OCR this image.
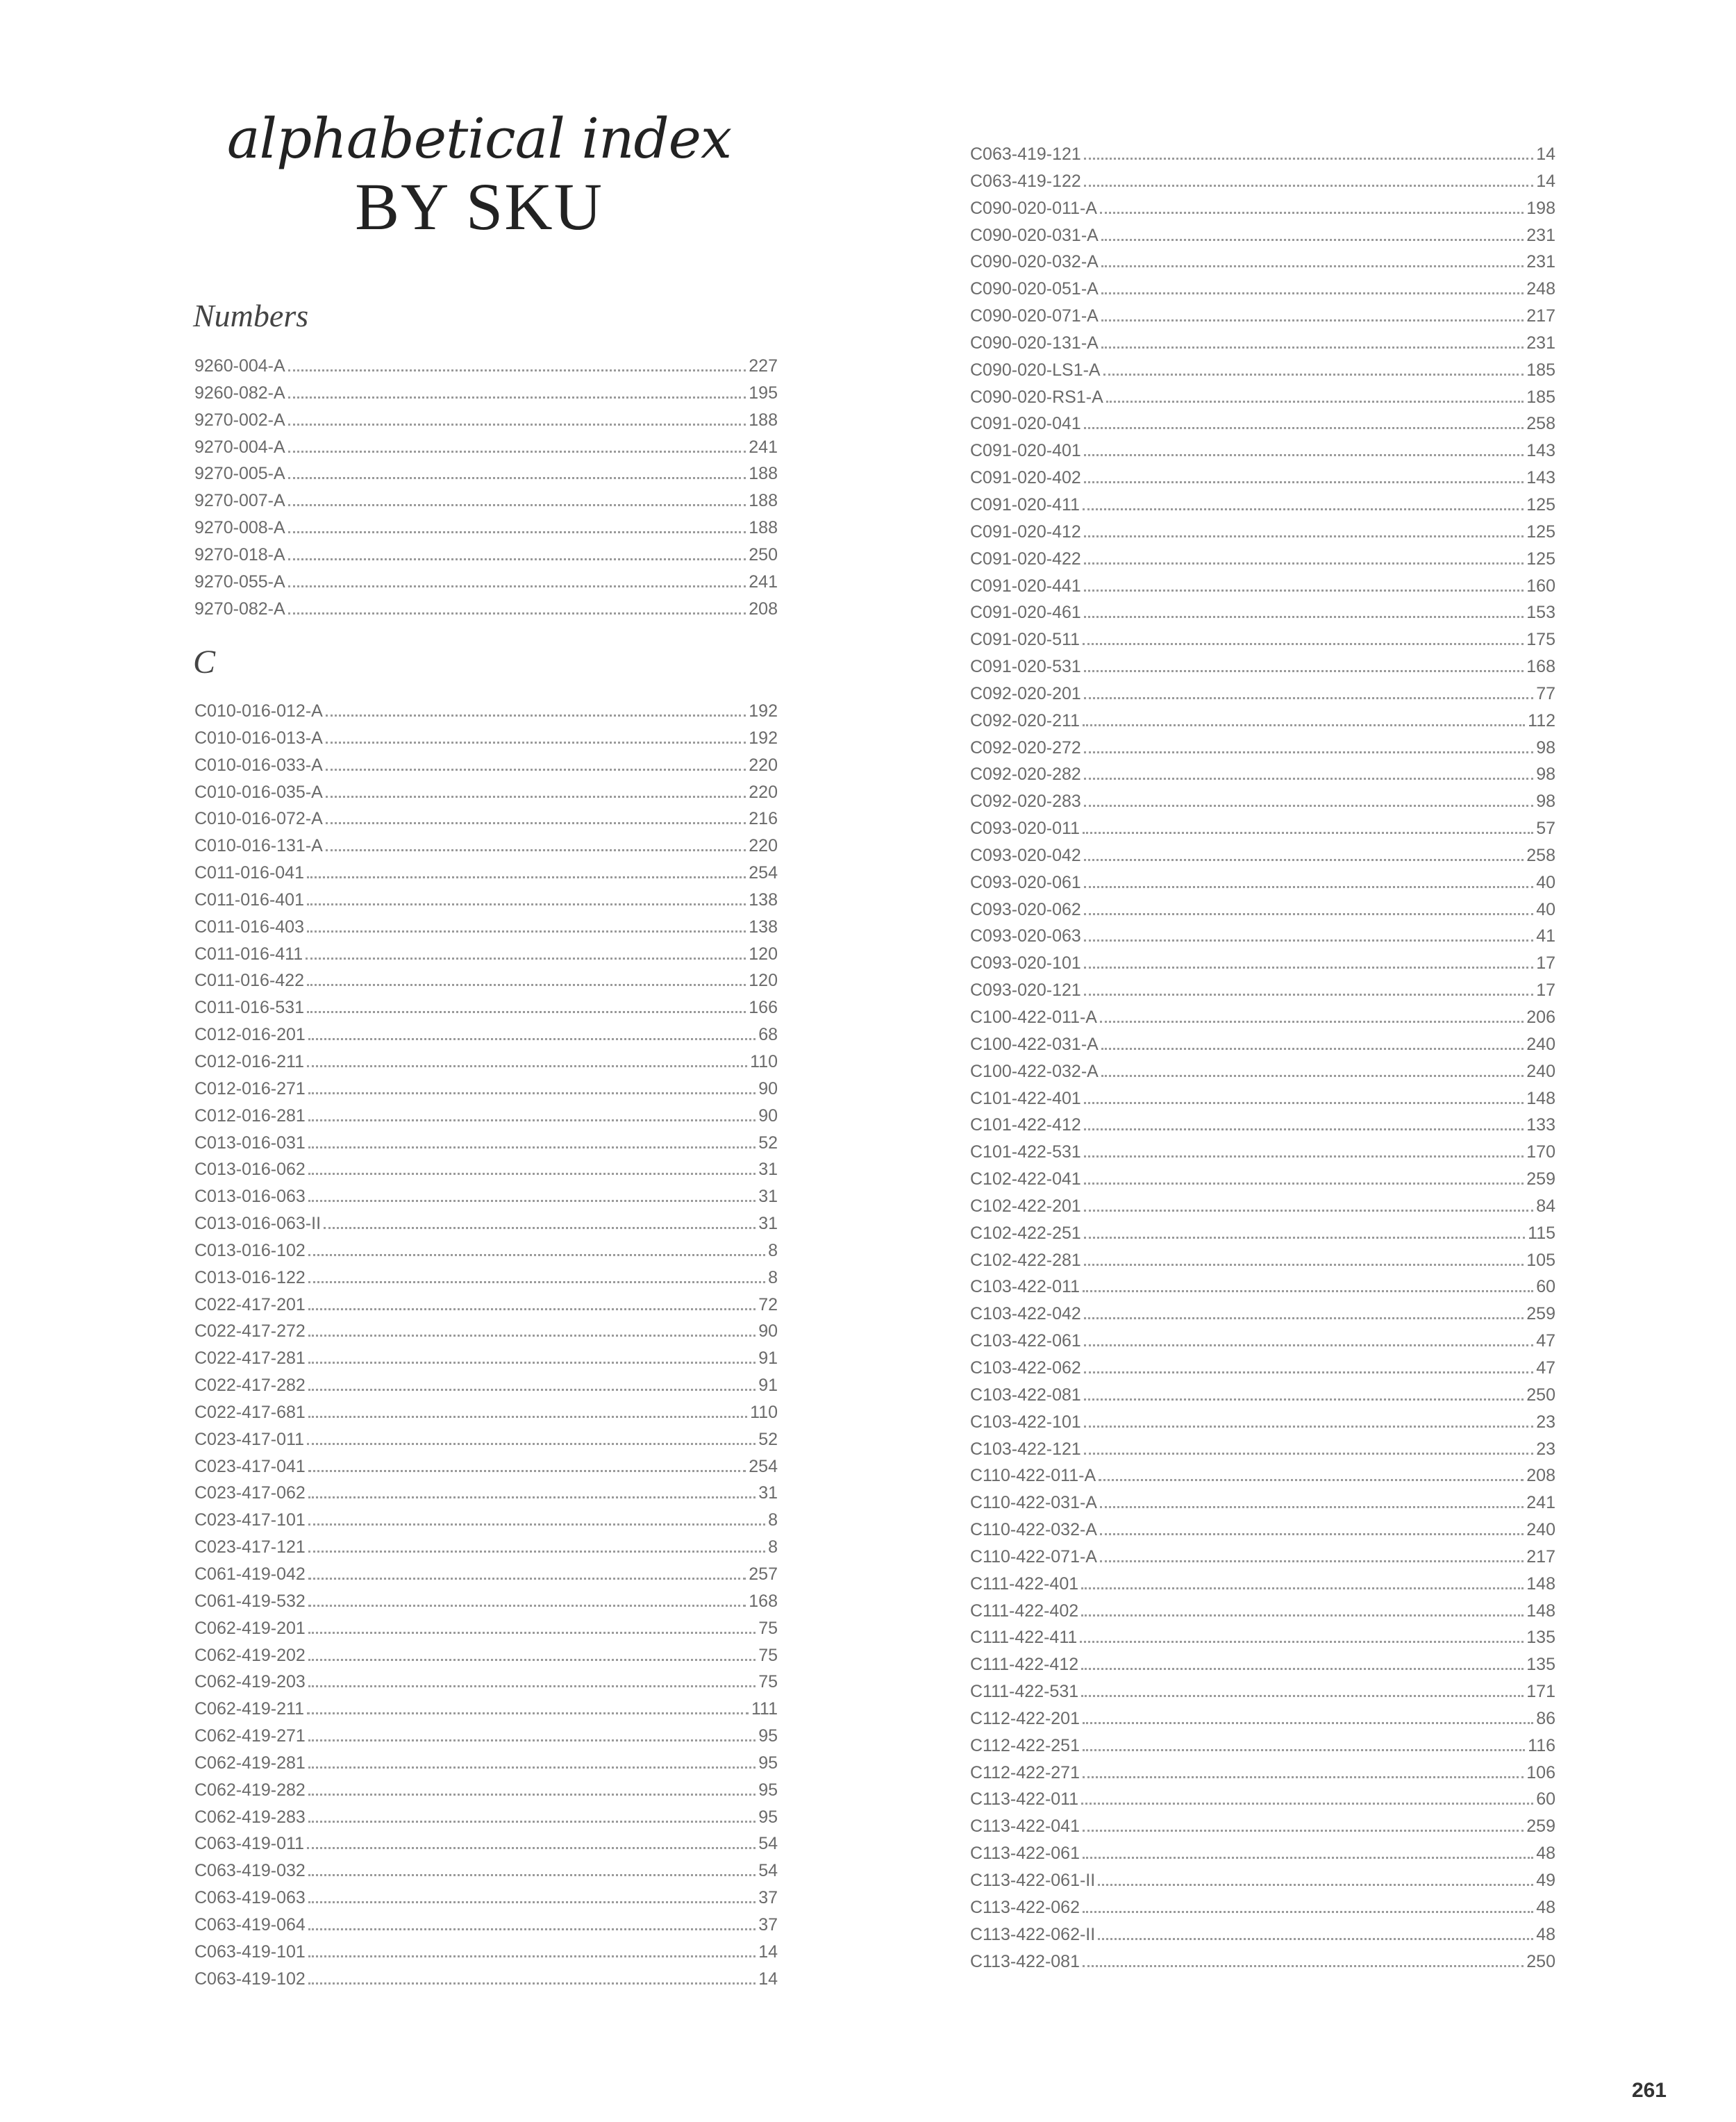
alphabetical index
BY SKU
Numbers
9260-004-A	227
9260-082-A	195
9270-002-A	188
9270-004-A	241
9270-005-A	188
9270-007-A	188
9270-008-A	188
9270-018-A	250
9270-055-A	241
9270-082-A	208
C
C010-016-012-A	192
C010-016-013-A	192
C010-016-033-A	220
C010-016-035-A	220
C010-016-072-A	216
C010-016-131-A	220
C011-016-041	254
C011-016-401	138
C011-016-403	138
C011-016-411	120
C011-016-422	120
C011-016-531	166
C012-016-201	68
C012-016-211	110
C012-016-271	90
C012-016-281	90
C013-016-031	52
C013-016-062	31
C013-016-063	31
C013-016-063-II	31
C013-016-102	8
C013-016-122	8
C022-417-201	72
C022-417-272	90
C022-417-281	91
C022-417-282	91
C022-417-681	110
C023-417-011	52
C023-417-041	254
C023-417-062	31
C023-417-101	8
C023-417-121	8
C061-419-042	257
C061-419-532	168
C062-419-201	75
C062-419-202	75
C062-419-203	75
C062-419-211	111
C062-419-271	95
C062-419-281	95
C062-419-282	95
C062-419-283	95
C063-419-011	54
C063-419-032	54
C063-419-063	37
C063-419-064	37
C063-419-101	14
C063-419-102	14
C063-419-121	14
C063-419-122	14
C090-020-011-A	198
C090-020-031-A	231
C090-020-032-A	231
C090-020-051-A	248
C090-020-071-A	217
C090-020-131-A	231
C090-020-LS1-A	185
C090-020-RS1-A	185
C091-020-041	258
C091-020-401	143
C091-020-402	143
C091-020-411	125
C091-020-412	125
C091-020-422	125
C091-020-441	160
C091-020-461	153
C091-020-511	175
C091-020-531	168
C092-020-201	77
C092-020-211	112
C092-020-272	98
C092-020-282	98
C092-020-283	98
C093-020-011	57
C093-020-042	258
C093-020-061	40
C093-020-062	40
C093-020-063	41
C093-020-101	17
C093-020-121	17
C100-422-011-A	206
C100-422-031-A	240
C100-422-032-A	240
C101-422-401	148
C101-422-412	133
C101-422-531	170
C102-422-041	259
C102-422-201	84
C102-422-251	115
C102-422-281	105
C103-422-011	60
C103-422-042	259
C103-422-061	47
C103-422-062	47
C103-422-081	250
C103-422-101	23
C103-422-121	23
C110-422-011-A	208
C110-422-031-A	241
C110-422-032-A	240
C110-422-071-A	217
C111-422-401	148
C111-422-402	148
C111-422-411	135
C111-422-412	135
C111-422-531	171
C112-422-201	86
C112-422-251	116
C112-422-271	106
C113-422-011	60
C113-422-041	259
C113-422-061	48
C113-422-061-II	49
C113-422-062	48
C113-422-062-II	48
C113-422-081	250
261
